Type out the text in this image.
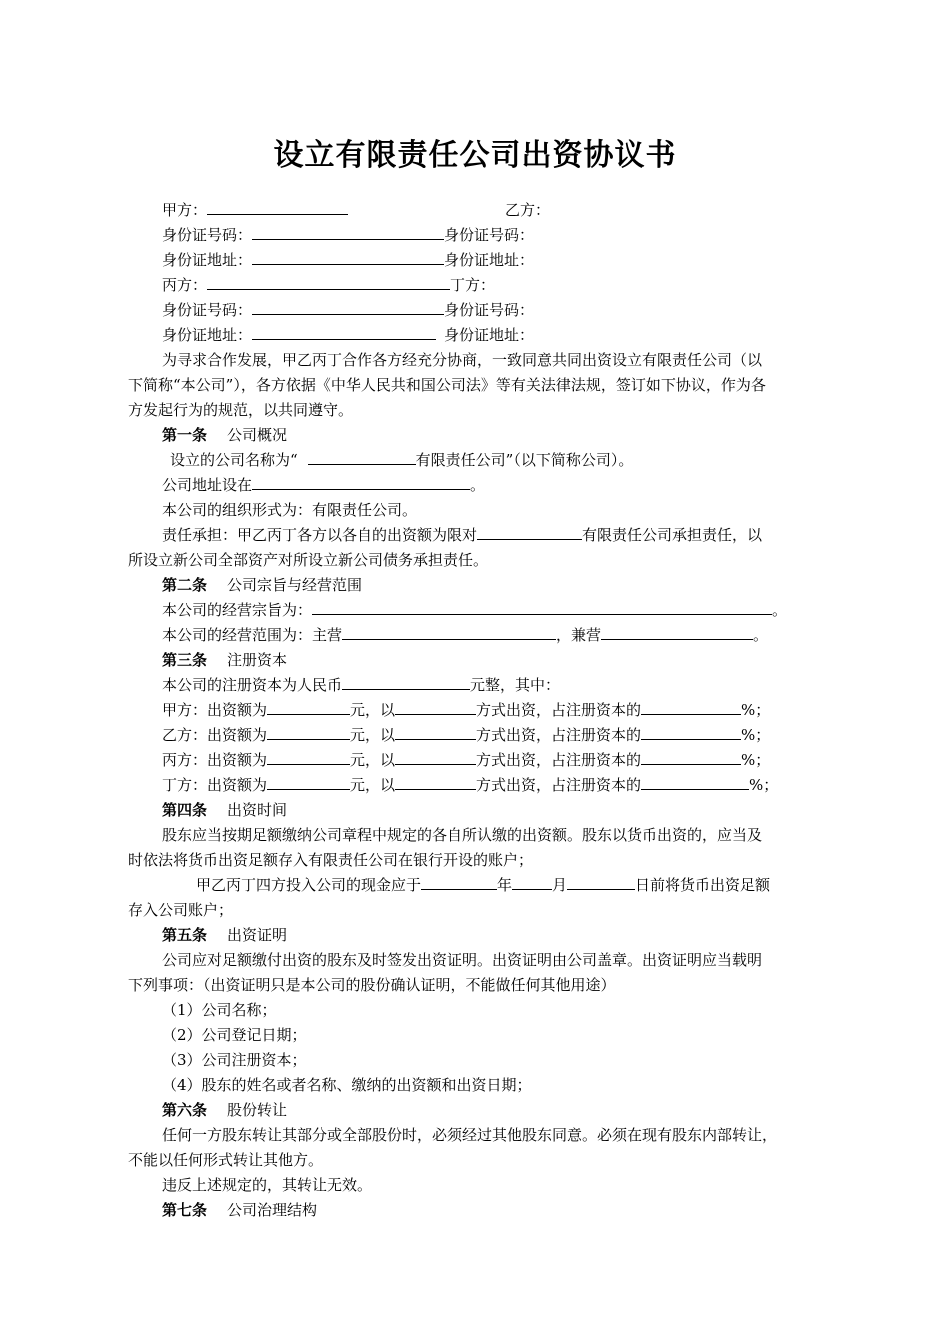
设立有限责任公司出资协议书
甲方：	乙方：
身份证号码：	身份证号码：
身份证地址：	身份证地址：
丙方：	丁方：
身份证号码：	身份证号码：
身份证地址：	身份证地址：
为寻求合作发展，甲乙丙丁合作各方经充分协商，一致同意共同出资设立有限责任公司（以
下简称“本公司”），各方依据《中华人民共和国公司法》等有关法律法规，签订如下协议，作为各
方发起行为的规范，以共同遵守。
第一条 公司概况
设立的公司名称为“	有限责任公司”（以下简称公司）。
公司地址设在	。
本公司的组织形式为：有限责任公司。
责任承担：甲乙丙丁各方以各自的出资额为限对	有限责任公司承担责任，以
所设立新公司全部资产对所设立新公司债务承担责任。
第二条 公司宗旨与经营范围
本公司的经营宗旨为：	。
本公司的经营范围为：主营	，兼营	。
第三条 注册资本
本公司的注册资本为人民币	元整，其中：
甲方：出资额为	元，以	方式出资，占注册资本的	%；
乙方：出资额为	元，以	方式出资，占注册资本的	%；
丙方：出资额为	元，以	方式出资，占注册资本的	%；
丁方：出资额为	元，以	方式出资，占注册资本的	%；
第四条 出资时间
股东应当按期足额缴纳公司章程中规定的各自所认缴的出资额。股东以货币出资的，应当及
时依法将货币出资足额存入有限责任公司在银行开设的账户；
甲乙丙丁四方投入公司的现金应于	年	月	日前将货币出资足额
存入公司账户；
第五条 出资证明
公司应对足额缴付出资的股东及时签发出资证明。出资证明由公司盖章。出资证明应当载明
下列事项：（出资证明只是本公司的股份确认证明，不能做任何其他用途）
（1）公司名称；
（2）公司登记日期；
（3）公司注册资本；
（4）股东的姓名或者名称、缴纳的出资额和出资日期；
第六条 股份转让
任何一方股东转让其部分或全部股份时，必须经过其他股东同意。必须在现有股东内部转让，
不能以任何形式转让其他方。
违反上述规定的，其转让无效。
第七条 公司治理结构
